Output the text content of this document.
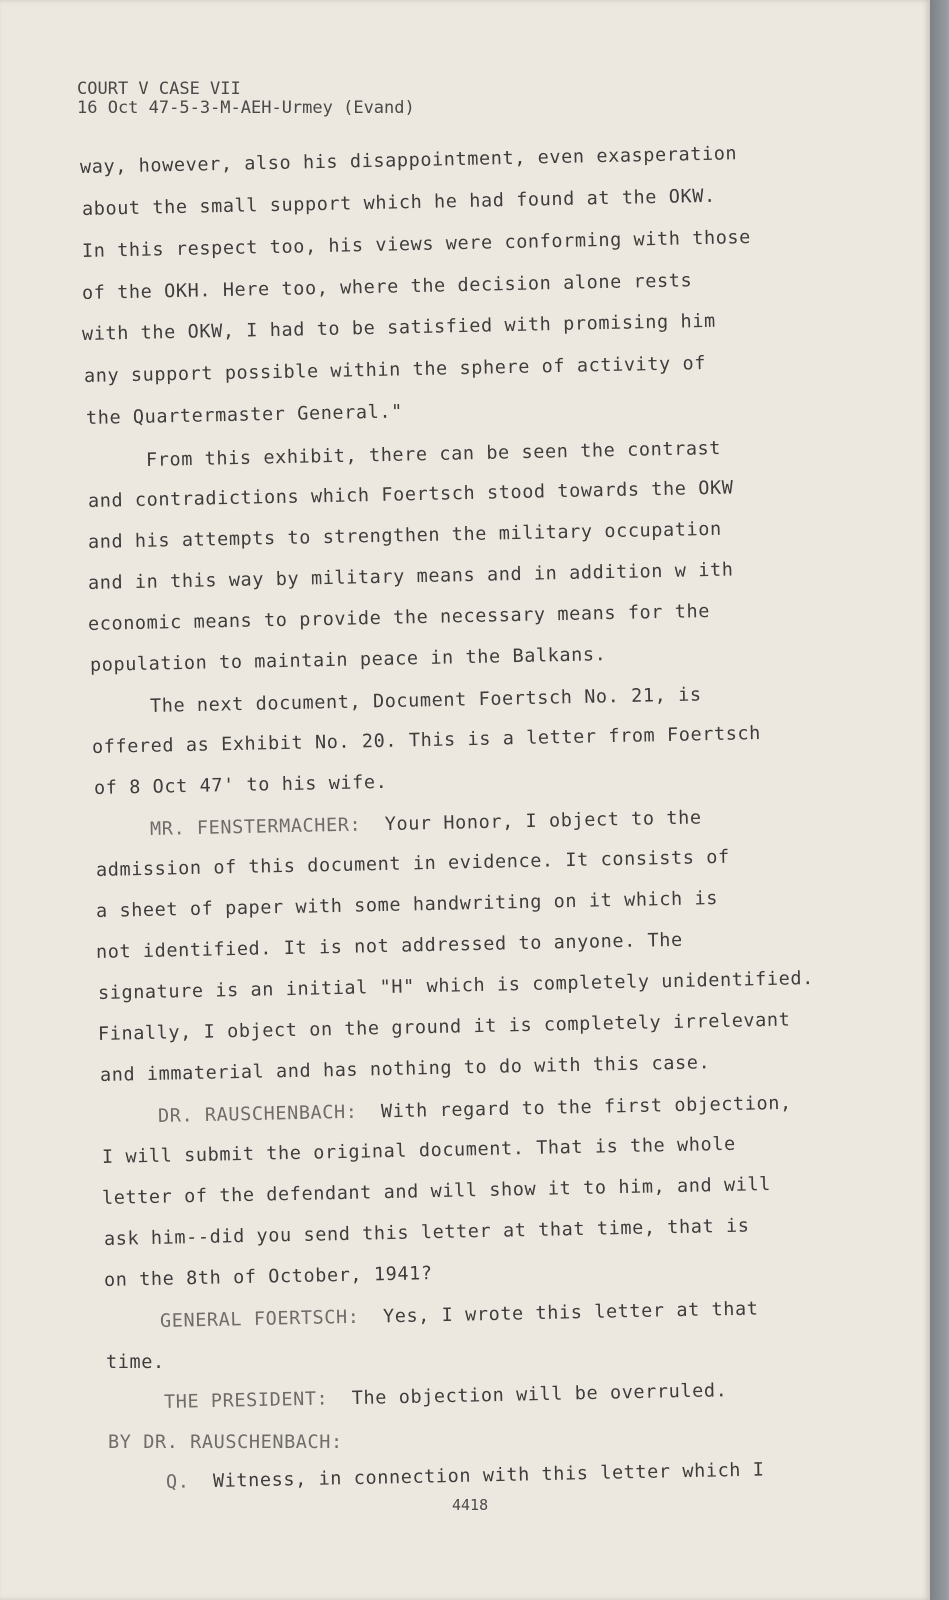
COURT V CASE VII
16 Oct 47-5-3-M-AEH-Urmey (Evand)
way, however, also his disappointment, even exasperation
about the small support which he had found at the OKW.
In this respect too, his views were conforming with those
of the OKH. Here too, where the decision alone rests
with the OKW, I had to be satisfied with promising him
any support possible within the sphere of activity of
the Quartermaster General."
From this exhibit, there can be seen the contrast
and contradictions which Foertsch stood towards the OKW
and his attempts to strengthen the military occupation
and in this way by military means and in addition w ith
economic means to provide the necessary means for the
population to maintain peace in the Balkans.
The next document, Document Foertsch No. 21, is
offered as Exhibit No. 20. This is a letter from Foertsch
of 8 Oct 47' to his wife.
MR. FENSTERMACHER: Your Honor, I object to the
admission of this document in evidence. It consists of
a sheet of paper with some handwriting on it which is
not identified. It is not addressed to anyone. The
signature is an initial "H" which is completely unidentified.
Finally, I object on the ground it is completely irrelevant
and immaterial and has nothing to do with this case.
DR. RAUSCHENBACH: With regard to the first objection,
I will submit the original document. That is the whole
letter of the defendant and will show it to him, and will
ask him--did you send this letter at that time, that is
on the 8th of October, 1941?
GENERAL FOERTSCH: Yes, I wrote this letter at that
time.
THE PRESIDENT: The objection will be overruled.
BY DR. RAUSCHENBACH:
Q. Witness, in connection with this letter which I
4418
